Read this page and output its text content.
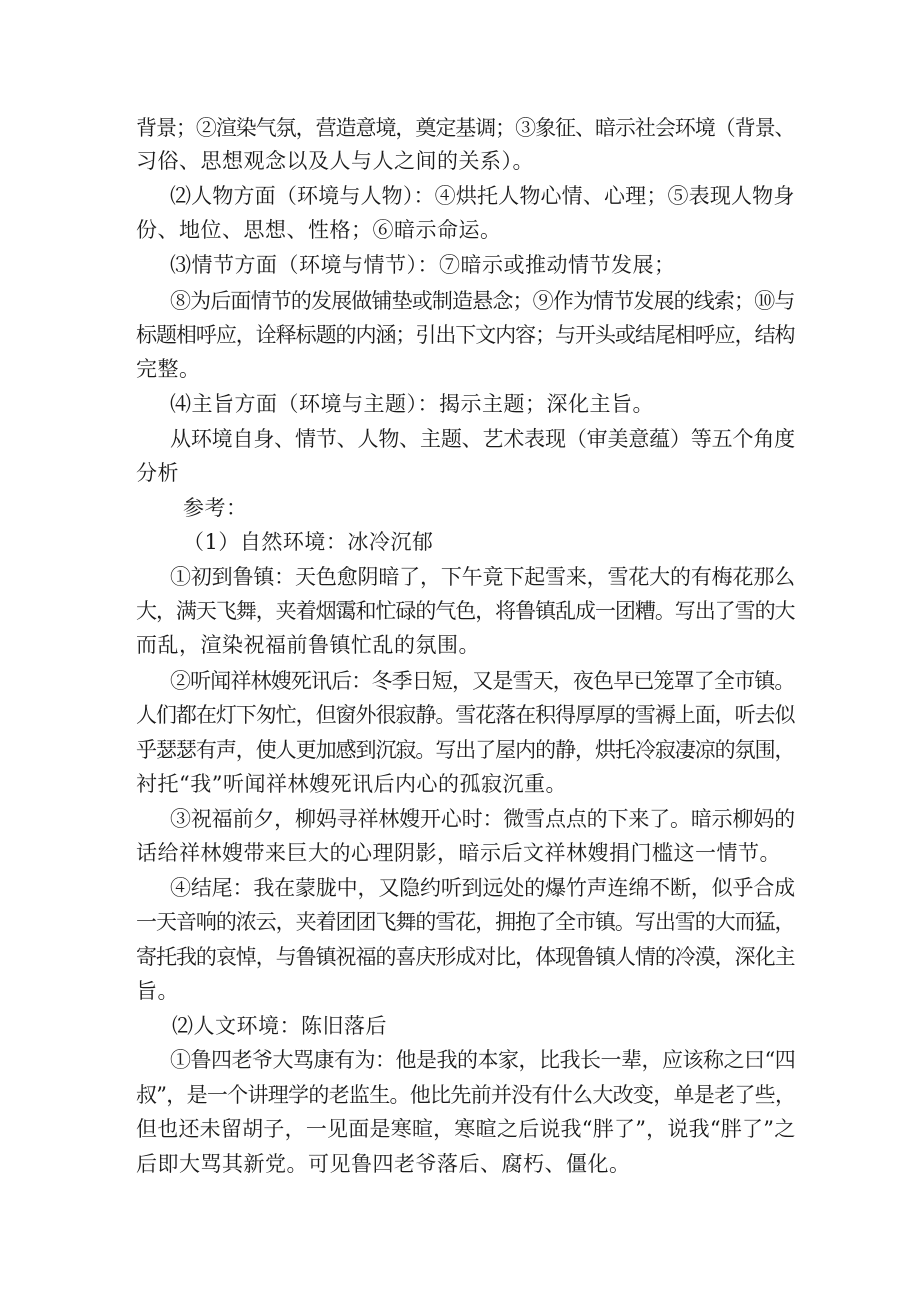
背景；②渲染气氛，营造意境，奠定基调；③象征、暗示社会环境（背景、
习俗、思想观念以及人与人之间的关系）。
⑵人物方面（环境与人物）：④烘托人物心情、心理；⑤表现人物身
份、地位、思想、性格；⑥暗示命运。
⑶情节方面（环境与情节）：⑦暗示或推动情节发展；
⑧为后面情节的发展做铺垫或制造悬念；⑨作为情节发展的线索；⑩与
标题相呼应，诠释标题的内涵；引出下文内容；与开头或结尾相呼应，结构
完整。
⑷主旨方面（环境与主题）：揭示主题；深化主旨。
从环境自身、情节、人物、主题、艺术表现（审美意蕴）等五个角度
分析
参考：
（1）自然环境：冰冷沉郁
①初到鲁镇：天色愈阴暗了，下午竟下起雪来，雪花大的有梅花那么
大，满天飞舞，夹着烟霭和忙碌的气色，将鲁镇乱成一团糟。写出了雪的大
而乱，渲染祝福前鲁镇忙乱的氛围。
②听闻祥林嫂死讯后：冬季日短，又是雪天，夜色早已笼罩了全市镇。
人们都在灯下匆忙，但窗外很寂静。雪花落在积得厚厚的雪褥上面，听去似
乎瑟瑟有声，使人更加感到沉寂。写出了屋内的静，烘托冷寂凄凉的氛围，
衬托“我”听闻祥林嫂死讯后内心的孤寂沉重。
③祝福前夕，柳妈寻祥林嫂开心时：微雪点点的下来了。暗示柳妈的
话给祥林嫂带来巨大的心理阴影，暗示后文祥林嫂捐门槛这一情节。
④结尾：我在蒙胧中，又隐约听到远处的爆竹声连绵不断，似乎合成
一天音响的浓云，夹着团团飞舞的雪花，拥抱了全市镇。写出雪的大而猛，
寄托我的哀悼，与鲁镇祝福的喜庆形成对比，体现鲁镇人情的冷漠，深化主
旨。
⑵人文环境：陈旧落后
①鲁四老爷大骂康有为：他是我的本家，比我长一辈，应该称之曰“四
叔”，是一个讲理学的老监生。他比先前并没有什么大改变，单是老了些，
但也还未留胡子，一见面是寒暄，寒暄之后说我“胖了”，说我“胖了”之
后即大骂其新党。可见鲁四老爷落后、腐朽、僵化。
